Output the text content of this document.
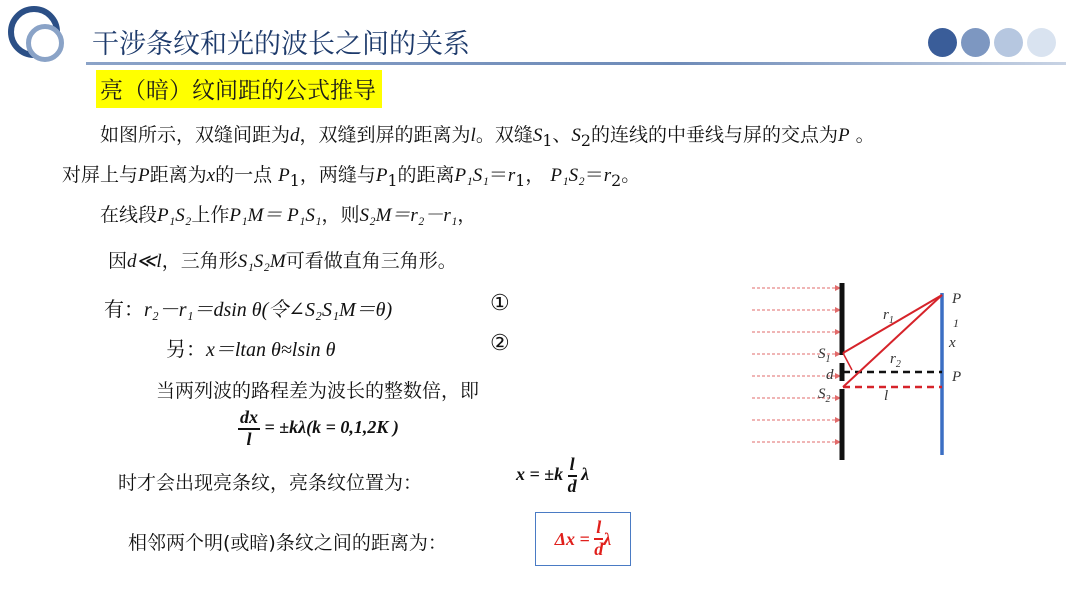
干涉条纹和光的波长之间的关系
亮（暗）纹间距的公式推导
如图所示，双缝间距为d，双缝到屏的距离为l。双缝$S_1$、$S_2$的连线的中垂线与屏的交点为P 。
对屏上与P距离为x的一点 $P_1$，两缝与$P_1$的距离$P_1S_1=r_1$， $P_1S_2=r_2$。
在线段P₁S₂上作P₁M＝ P₁S₁，则S₂M＝r₂－r₁，
因d≪l，三角形S₁S₂M可看做直角三角形。
有：r₂－r₁＝dsin θ(令∠S₂S₁M＝θ)	①
另：x＝ltan θ≈lsin θ	②
当两列波的路程差为波长的整数倍，即
$\frac{dx}{l} = \pm k\lambda(k = 0,1,2K$ )
时才会出现亮条纹，亮条纹位置为：	$x = \pm k \frac{l}{d}$ λ
相邻两个明(或暗)条纹之间的距离为：	Δx =
$\frac{l}{d}$ λ
P
1
$r_1$
x
$S_1$	$r_2$
d	P
$S_2$	l
